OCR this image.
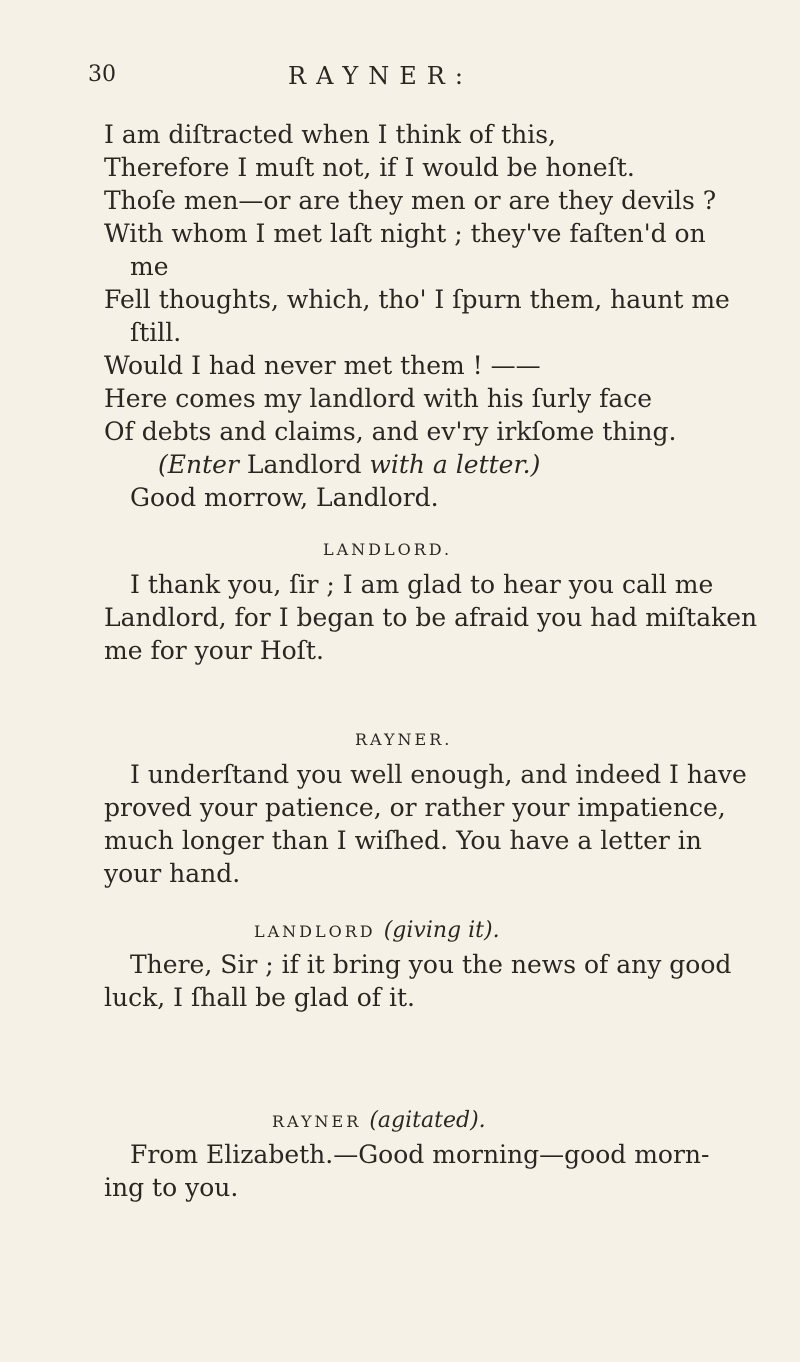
30	RAYNER:
I am diſtracted when I think of this,
Therefore I muſt not, if I would be honeſt.
Thoſe men—or are they men or are they devils ?
With whom I met laſt night ; they've faſten'd on
me
Fell thoughts, which, tho' I ſpurn them, haunt me
ſtill.
Would I had never met them ! ——
Here comes my landlord with his ſurly face
Of debts and claims, and ev'ry irkſome thing.
(Enter Landlord with a letter.)
Good morrow, Landlord.
LANDLORD.
I thank you, ſir ; I am glad to hear you call me
Landlord, for I began to be afraid you had miſtaken
me for your Hoſt.
RAYNER.
I underſtand you well enough, and indeed I have
proved your patience, or rather your impatience,
much longer than I wiſhed. You have a letter in
your hand.
LANDLORD (giving it).
There, Sir ; if it bring you the news of any good
luck, I ſhall be glad of it.
RAYNER (agitated).
From Elizabeth.—Good morning—good morn-
ing to you.
